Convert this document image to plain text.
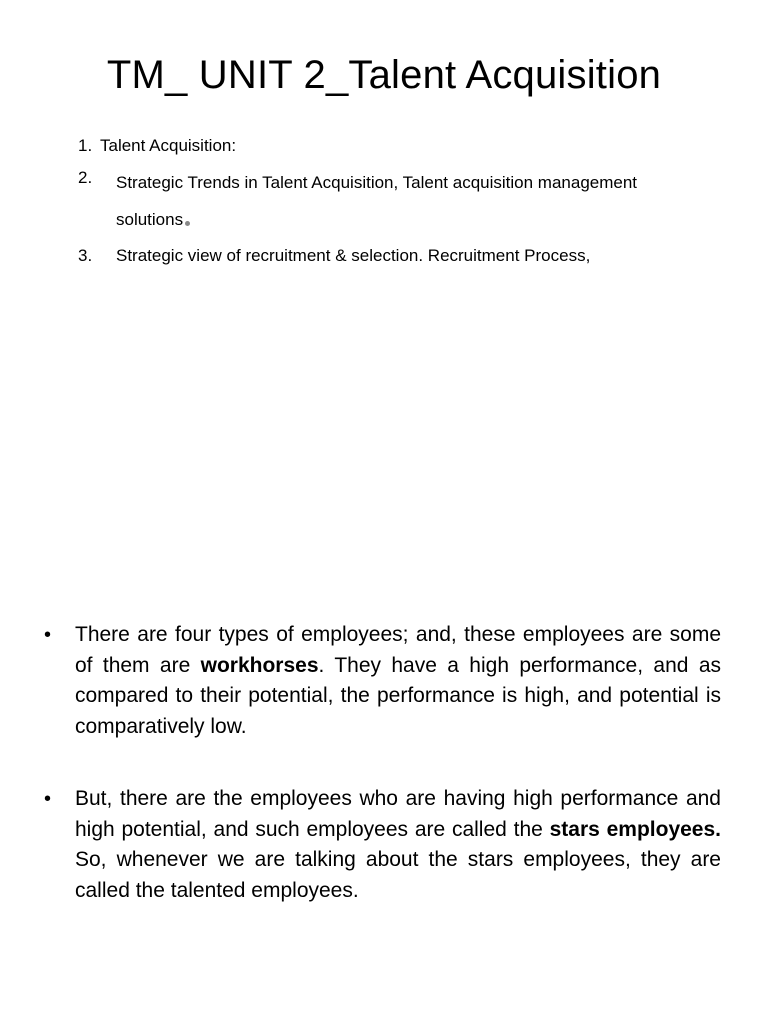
TM_ UNIT 2_Talent Acquisition
1. Talent Acquisition:
2.	Strategic Trends in Talent Acquisition, Talent acquisition management
solutions
3.	Strategic view of recruitment & selection. Recruitment Process,
•	There are four types of employees; and, these employees are some of them are workhorses. They have a high performance, and as compared to their potential, the performance is high, and potential is comparatively low.
•	But, there are the employees who are having high performance and high potential, and such employees are called the stars employees. So, whenever we are talking about the stars employees, they are called the talented employees.
